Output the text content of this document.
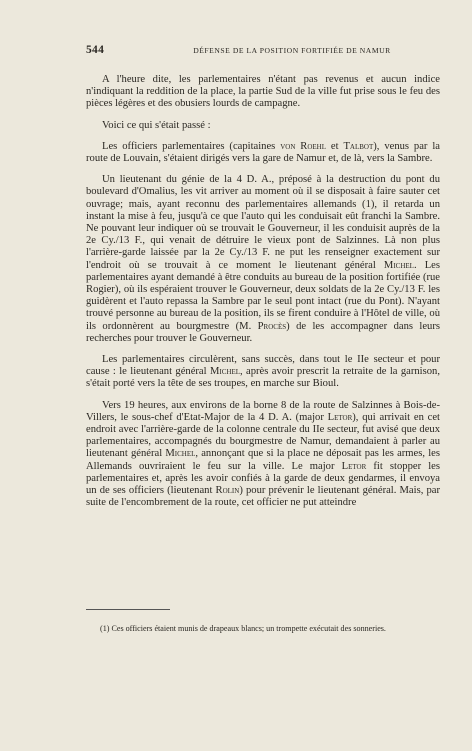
544	DÉFENSE DE LA POSITION FORTIFIÉE DE NAMUR

A l'heure dite, les parlementaires n'étant pas revenus et aucun indice n'indiquant la reddition de la place, la partie Sud de la ville fut prise sous le feu des pièces légères et des obusiers lourds de campagne.

Voici ce qui s'était passé :

Les officiers parlementaires (capitaines von Roehl et Talbot), venus par la route de Louvain, s'étaient dirigés vers la gare de Namur et, de là, vers la Sambre.

Un lieutenant du génie de la 4 D. A., préposé à la destruction du pont du boulevard d'Omalius, les vit arriver au moment où il se disposait à faire sauter cet ouvrage; mais, ayant reconnu des parlementaires allemands (1), il retarda un instant la mise à feu, jusqu'à ce que l'auto qui les conduisait eût franchi la Sambre. Ne pouvant leur indiquer où se trouvait le Gouverneur, il les conduisit auprès de la 2e Cy./13 F., qui venait de détruire le vieux pont de Salzinnes. Là non plus l'arrière-garde laissée par la 2e Cy./13 F. ne put les renseigner exactement sur l'endroit où se trouvait à ce moment le lieutenant général Michel. Les parlementaires ayant demandé à être conduits au bureau de la position fortifiée (rue Rogier), où ils espéraient trouver le Gouverneur, deux soldats de la 2e Cy./13 F. les guidèrent et l'auto repassa la Sambre par le seul pont intact (rue du Pont). N'ayant trouvé personne au bureau de la position, ils se firent conduire à l'Hôtel de ville, où ils ordonnèrent au bourgmestre (M. Procès) de les accompagner dans leurs recherches pour trouver le Gouverneur.

Les parlementaires circulèrent, sans succès, dans tout le IIe secteur et pour cause : le lieutenant général Michel, après avoir prescrit la retraite de la garnison, s'était porté vers la tête de ses troupes, en marche sur Bioul.

Vers 19 heures, aux environs de la borne 8 de la route de Salzinnes à Bois-de-Villers, le sous-chef d'Etat-Major de la 4 D. A. (major Letor), qui arrivait en cet endroit avec l'arrière-garde de la colonne centrale du IIe secteur, fut avisé que deux parlementaires, accompagnés du bourgmestre de Namur, demandaient à parler au lieutenant général Michel, annonçant que si la place ne déposait pas les armes, les Allemands ouvriraient le feu sur la ville. Le major Letor fit stopper les parlementaires et, après les avoir confiés à la garde de deux gendarmes, il envoya un de ses officiers (lieutenant Rolin) pour prévenir le lieutenant général. Mais, par suite de l'encombrement de la route, cet officier ne put atteindre

(1) Ces officiers étaient munis de drapeaux blancs; un trompette exécutait des sonneries.
